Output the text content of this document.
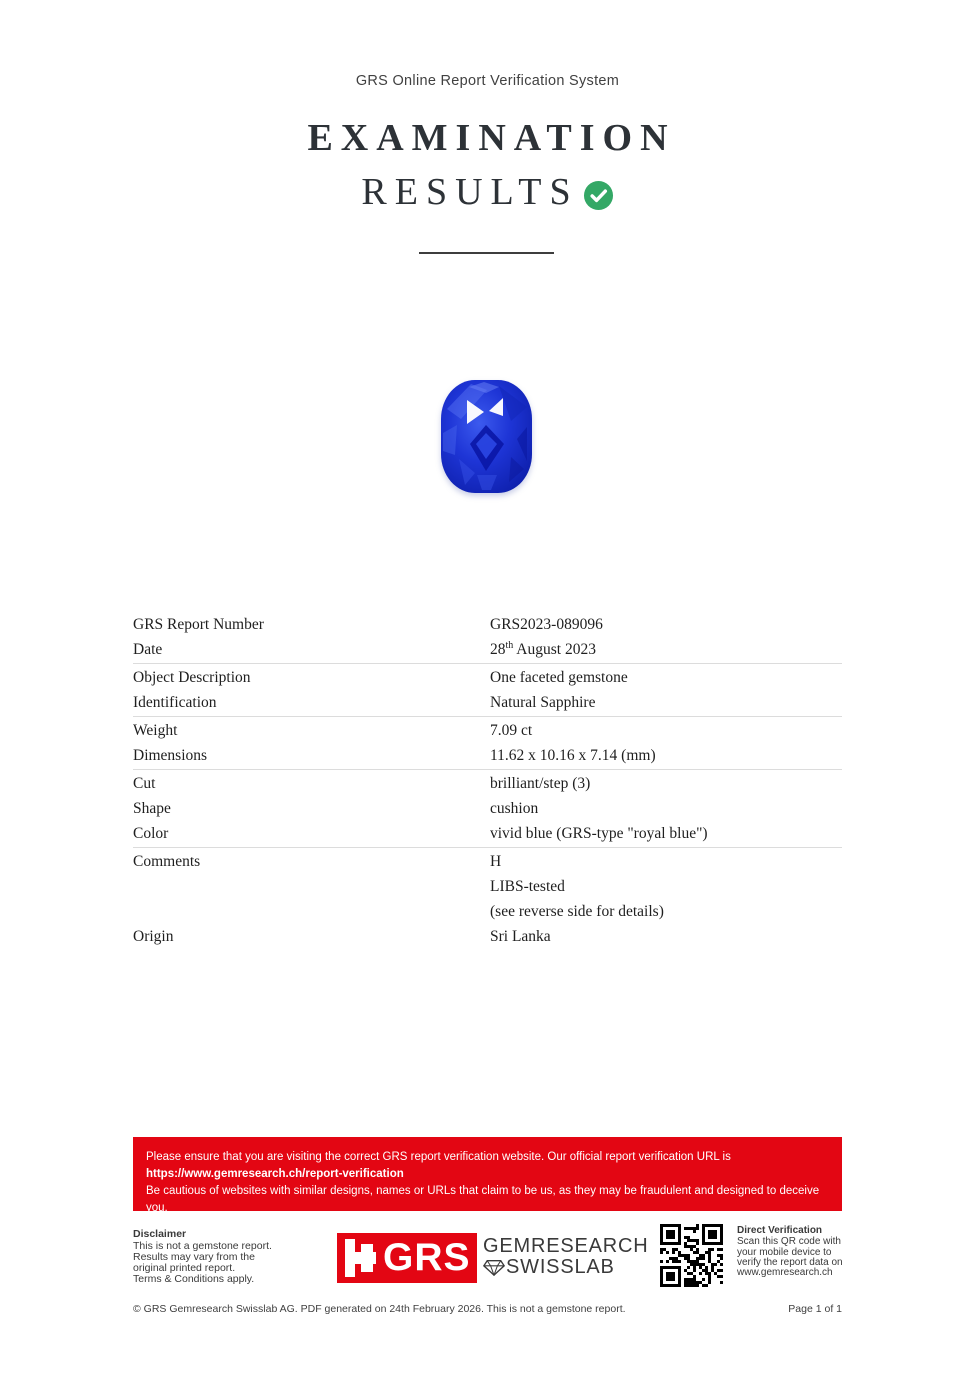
GRS Online Report Verification System
EXAMINATION
RESULTS
GRS Report Number	GRS2023-089096
Date	28th August 2023
Object Description	One faceted gemstone
Identification	Natural Sapphire
Weight	7.09 ct
Dimensions	11.62 x 10.16 x 7.14 (mm)
Cut	brilliant/step (3)
Shape	cushion
Color	vivid blue (GRS-type "royal blue")
Comments	H
LIBS-tested
(see reverse side for details)
Origin	Sri Lanka
Please ensure that you are visiting the correct GRS report verification website. Our official report verification URL is
https://www.gemresearch.ch/report-verification
Be cautious of websites with similar designs, names or URLs that claim to be us, as they may be fraudulent and designed to deceive you.
Disclaimer
This is not a gemstone report.
Results may vary from the
original printed report.
Terms & Conditions apply.	GRS GEMRESEARCH
SWISSLAB
Direct Verification
Scan this QR code with your mobile device to verify the report data on www.gemresearch.ch
© GRS Gemresearch Swisslab AG. PDF generated on 24th February 2026. This is not a gemstone report.	Page 1 of 1
